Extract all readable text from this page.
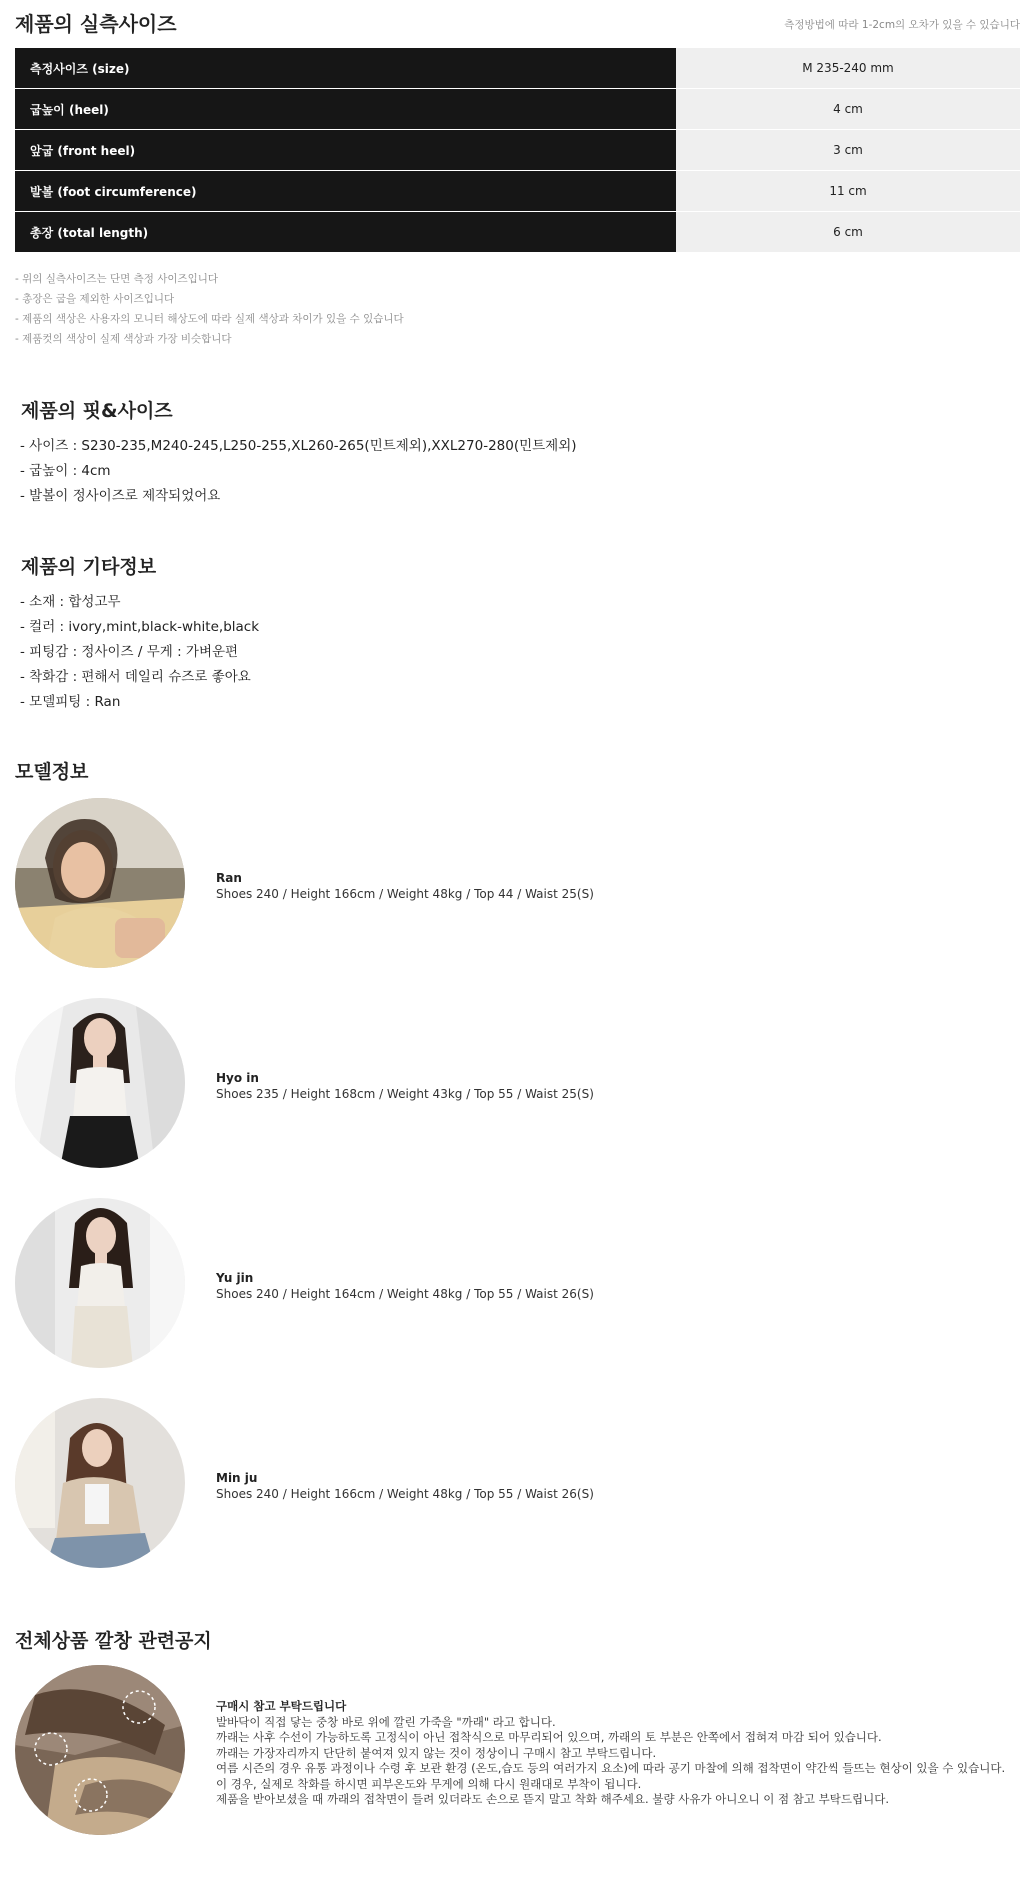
제품의 실측사이즈	측정방법에 따라 1-2cm의 오차가 있을 수 있습니다
측정사이즈 (size)	M 235-240 mm
굽높이 (heel)	4 cm
앞굽 (front heel)	3 cm
발볼 (foot circumference)	11 cm
총장 (total length)	6 cm
- 위의 실측사이즈는 단면 측정 사이즈입니다
- 총장은 굽을 제외한 사이즈입니다
- 제품의 색상은 사용자의 모니터 해상도에 따라 실제 색상과 차이가 있을 수 있습니다
- 제품컷의 색상이 실제 색상과 가장 비슷합니다
제품의 핏&사이즈
- 사이즈 : S230-235,M240-245,L250-255,XL260-265(민트제외),XXL270-280(민트제외)
- 굽높이 : 4cm
- 발볼이 정사이즈로 제작되었어요
제품의 기타정보
- 소재 : 합성고무
- 컬러 : ivory,mint,black-white,black
- 피팅감 : 정사이즈 / 무게 : 가벼운편
- 착화감 : 편해서 데일리 슈즈로 좋아요
- 모델피팅 : Ran
모델정보
Ran
Shoes 240 / Height 166cm / Weight 48kg / Top 44 / Waist 25(S)
Hyo in
Shoes 235 / Height 168cm / Weight 43kg / Top 55 / Waist 25(S)
Yu jin
Shoes 240 / Height 164cm / Weight 48kg / Top 55 / Waist 26(S)
Min ju
Shoes 240 / Height 166cm / Weight 48kg / Top 55 / Waist 26(S)
전체상품 깔창 관련공지
구매시 참고 부탁드립니다
발바닥이 직접 닿는 중창 바로 위에 깔린 가죽을 "까래" 라고 합니다.
까래는 사후 수선이 가능하도록 고정식이 아닌 접착식으로 마무리되어 있으며, 까래의 토 부분은 안쪽에서 접혀져 마감 되어 있습니다.
까래는 가장자리까지 단단히 붙여져 있지 않는 것이 정상이니 구매시 참고 부탁드립니다.
여름 시즌의 경우 유통 과정이나 수령 후 보관 환경 (온도,습도 등의 여러가지 요소)에 따라 공기 마찰에 의해 접착면이 약간씩 들뜨는 현상이 있을 수 있습니다.
이 경우, 실제로 착화를 하시면 피부온도와 무게에 의해 다시 원래대로 부착이 됩니다.
제품을 받아보셨을 때 까래의 접착면이 들려 있더라도 손으로 뜯지 말고 착화 해주세요. 불량 사유가 아니오니 이 점 참고 부탁드립니다.
